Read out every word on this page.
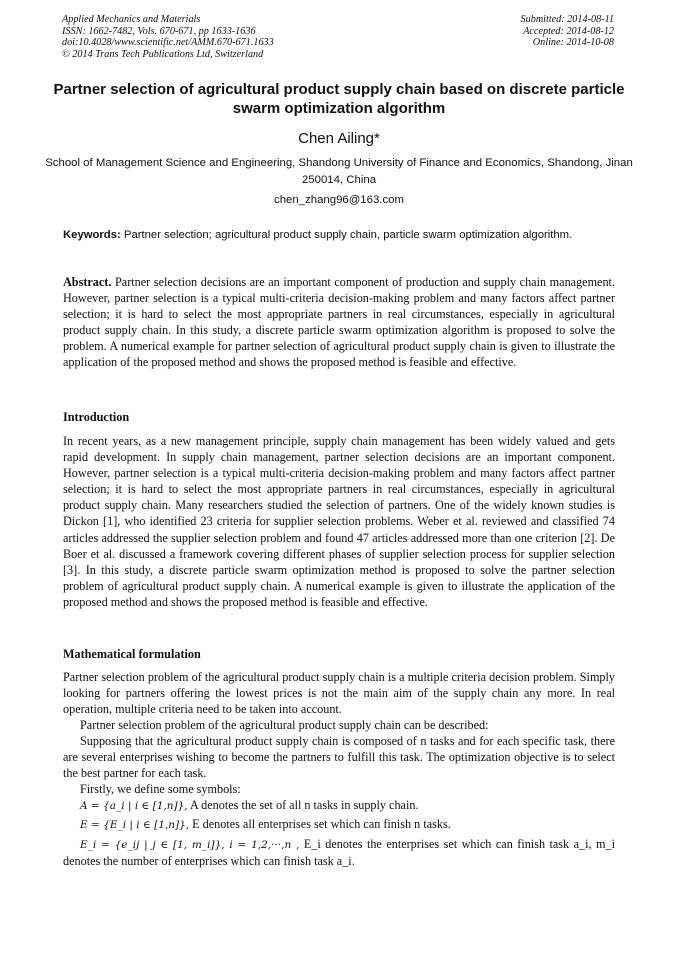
Applied Mechanics and Materials
ISSN: 1662-7482, Vols. 670-671, pp 1633-1636
doi:10.4028/www.scientific.net/AMM.670-671.1633
© 2014 Trans Tech Publications Ltd, Switzerland
Submitted: 2014-08-11
Accepted: 2014-08-12
Online: 2014-10-08
Partner selection of agricultural product supply chain based on discrete particle swarm optimization algorithm
Chen Ailing*
School of Management Science and Engineering, Shandong University of Finance and Economics, Shandong, Jinan 250014, China
chen_zhang96@163.com
Keywords: Partner selection; agricultural product supply chain, particle swarm optimization algorithm.
Abstract. Partner selection decisions are an important component of production and supply chain management. However, partner selection is a typical multi-criteria decision-making problem and many factors affect partner selection; it is hard to select the most appropriate partners in real circumstances, especially in agricultural product supply chain. In this study, a discrete particle swarm optimization algorithm is proposed to solve the problem. A numerical example for partner selection of agricultural product supply chain is given to illustrate the application of the proposed method and shows the proposed method is feasible and effective.
Introduction
In recent years, as a new management principle, supply chain management has been widely valued and gets rapid development. In supply chain management, partner selection decisions are an important component. However, partner selection is a typical multi-criteria decision-making problem and many factors affect partner selection; it is hard to select the most appropriate partners in real circumstances, especially in agricultural product supply chain. Many researchers studied the selection of partners. One of the widely known studies is Dickon [1], who identified 23 criteria for supplier selection problems. Weber et al. reviewed and classified 74 articles addressed the supplier selection problem and found 47 articles addressed more than one criterion [2]. De Boer et al. discussed a framework covering different phases of supplier selection process for supplier selection [3]. In this study, a discrete particle swarm optimization method is proposed to solve the partner selection problem of agricultural product supply chain. A numerical example is given to illustrate the application of the proposed method and shows the proposed method is feasible and effective.
Mathematical formulation
Partner selection problem of the agricultural product supply chain is a multiple criteria decision problem. Simply looking for partners offering the lowest prices is not the main aim of the supply chain any more. In real operation, multiple criteria need to be taken into account.
Partner selection problem of the agricultural product supply chain can be described:
Supposing that the agricultural product supply chain is composed of n tasks and for each specific task, there are several enterprises wishing to become the partners to fulfill this task. The optimization objective is to select the best partner for each task.
Firstly, we define some symbols:
A = {a_i | i ∈ [1,n]}, A denotes the set of all n tasks in supply chain.
E = {E_i | i ∈ [1,n]}, E denotes all enterprises set which can finish n tasks.
E_i = {e_ij | j ∈ [1, m_i]}, i = 1,2,···,n , E_i denotes the enterprises set which can finish task a_i, m_i denotes the number of enterprises which can finish task a_i.
